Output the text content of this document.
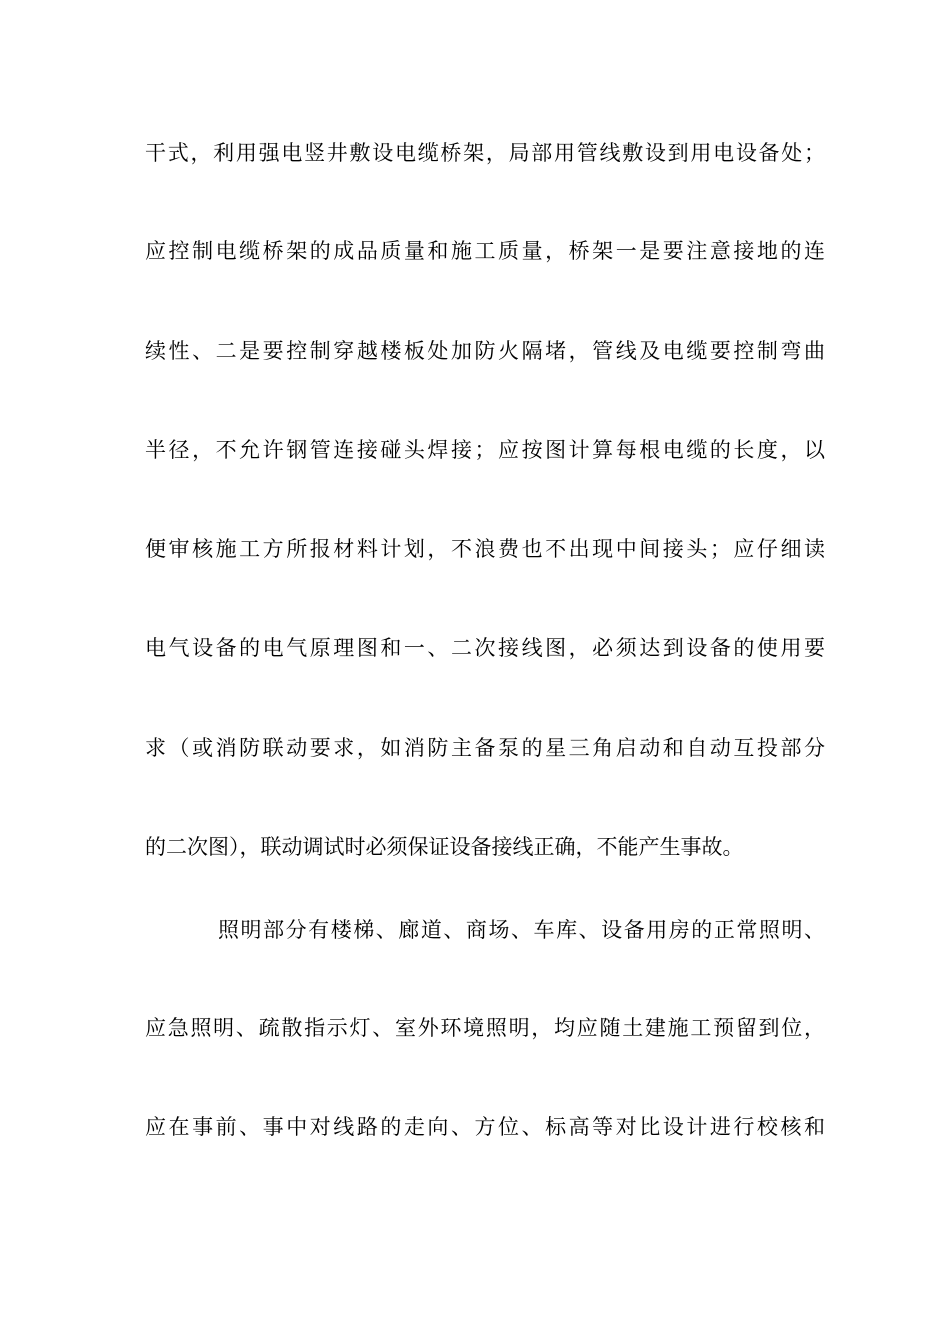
干式，利用强电竖井敷设电缆桥架，局部用管线敷设到用电设备处；
应控制电缆桥架的成品质量和施工质量，桥架一是要注意接地的连
续性、二是要控制穿越楼板处加防火隔堵，管线及电缆要控制弯曲
半径，不允许钢管连接碰头焊接；应按图计算每根电缆的长度，以
便审核施工方所报材料计划，不浪费也不出现中间接头；应仔细读
电气设备的电气原理图和一、二次接线图，必须达到设备的使用要
求（或消防联动要求，如消防主备泵的星三角启动和自动互投部分
的二次图），联动调试时必须保证设备接线正确，不能产生事故。
照明部分有楼梯、廊道、商场、车库、设备用房的正常照明、
应急照明、疏散指示灯、室外环境照明，均应随土建施工预留到位，
应在事前、事中对线路的走向、方位、标高等对比设计进行校核和
